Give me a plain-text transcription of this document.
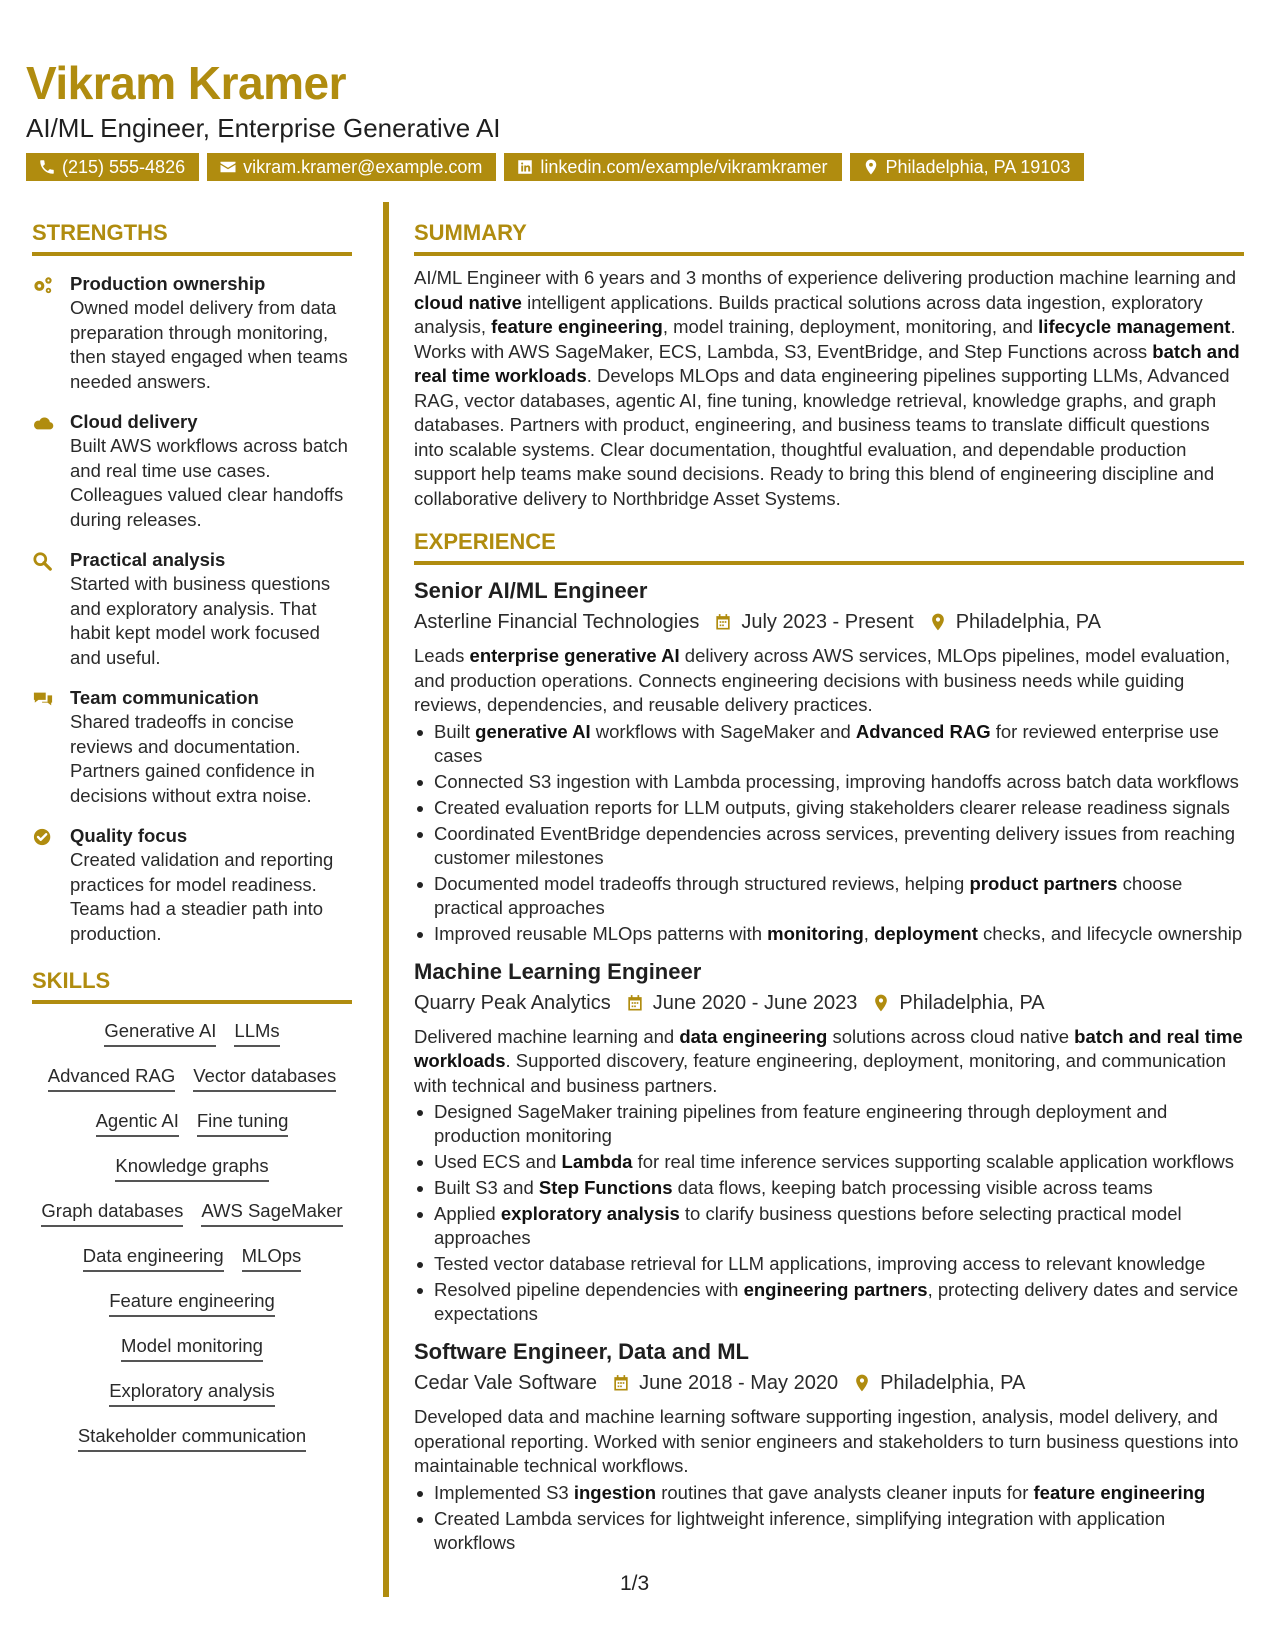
Vikram Kramer
AI/ML Engineer, Enterprise Generative AI
(215) 555-4826	vikram.kramer@example.com	linkedin.com/example/vikramkramer	Philadelphia, PA 19103
STRENGTHS
Production ownership
Owned model delivery from data preparation through monitoring, then stayed engaged when teams needed answers.
Cloud delivery
Built AWS workflows across batch and real time use cases. Colleagues valued clear handoffs during releases.
Practical analysis
Started with business questions and exploratory analysis. That habit kept model work focused and useful.
Team communication
Shared tradeoffs in concise reviews and documentation. Partners gained confidence in decisions without extra noise.
Quality focus
Created validation and reporting practices for model readiness. Teams had a steadier path into production.
SKILLS
Generative AI LLMs
Advanced RAG Vector databases
Agentic AI Fine tuning
Knowledge graphs
Graph databases AWS SageMaker
Data engineering MLOps
Feature engineering
Model monitoring
Exploratory analysis
Stakeholder communication
SUMMARY
AI/ML Engineer with 6 years and 3 months of experience delivering production machine learning and cloud native intelligent applications. Builds practical solutions across data ingestion, exploratory analysis, feature engineering, model training, deployment, monitoring, and lifecycle management. Works with AWS SageMaker, ECS, Lambda, S3, EventBridge, and Step Functions across batch and real time workloads. Develops MLOps and data engineering pipelines supporting LLMs, Advanced RAG, vector databases, agentic AI, fine tuning, knowledge retrieval, knowledge graphs, and graph databases. Partners with product, engineering, and business teams to translate difficult questions into scalable systems. Clear documentation, thoughtful evaluation, and dependable production support help teams make sound decisions. Ready to bring this blend of engineering discipline and collaborative delivery to Northbridge Asset Systems.
EXPERIENCE
Senior AI/ML Engineer
Asterline Financial Technologies July 2023 - Present Philadelphia, PA
Leads enterprise generative AI delivery across AWS services, MLOps pipelines, model evaluation, and production operations. Connects engineering decisions with business needs while guiding reviews, dependencies, and reusable delivery practices.
Built generative AI workflows with SageMaker and Advanced RAG for reviewed enterprise use cases
Connected S3 ingestion with Lambda processing, improving handoffs across batch data workflows
Created evaluation reports for LLM outputs, giving stakeholders clearer release readiness signals
Coordinated EventBridge dependencies across services, preventing delivery issues from reaching customer milestones
Documented model tradeoffs through structured reviews, helping product partners choose practical approaches
Improved reusable MLOps patterns with monitoring, deployment checks, and lifecycle ownership
Machine Learning Engineer
Quarry Peak Analytics June 2020 - June 2023 Philadelphia, PA
Delivered machine learning and data engineering solutions across cloud native batch and real time workloads. Supported discovery, feature engineering, deployment, monitoring, and communication with technical and business partners.
Designed SageMaker training pipelines from feature engineering through deployment and production monitoring
Used ECS and Lambda for real time inference services supporting scalable application workflows
Built S3 and Step Functions data flows, keeping batch processing visible across teams
Applied exploratory analysis to clarify business questions before selecting practical model approaches
Tested vector database retrieval for LLM applications, improving access to relevant knowledge
Resolved pipeline dependencies with engineering partners, protecting delivery dates and service expectations
Software Engineer, Data and ML
Cedar Vale Software June 2018 - May 2020 Philadelphia, PA
Developed data and machine learning software supporting ingestion, analysis, model delivery, and operational reporting. Worked with senior engineers and stakeholders to turn business questions into maintainable technical workflows.
Implemented S3 ingestion routines that gave analysts cleaner inputs for feature engineering
Created Lambda services for lightweight inference, simplifying integration with application workflows
1/3
